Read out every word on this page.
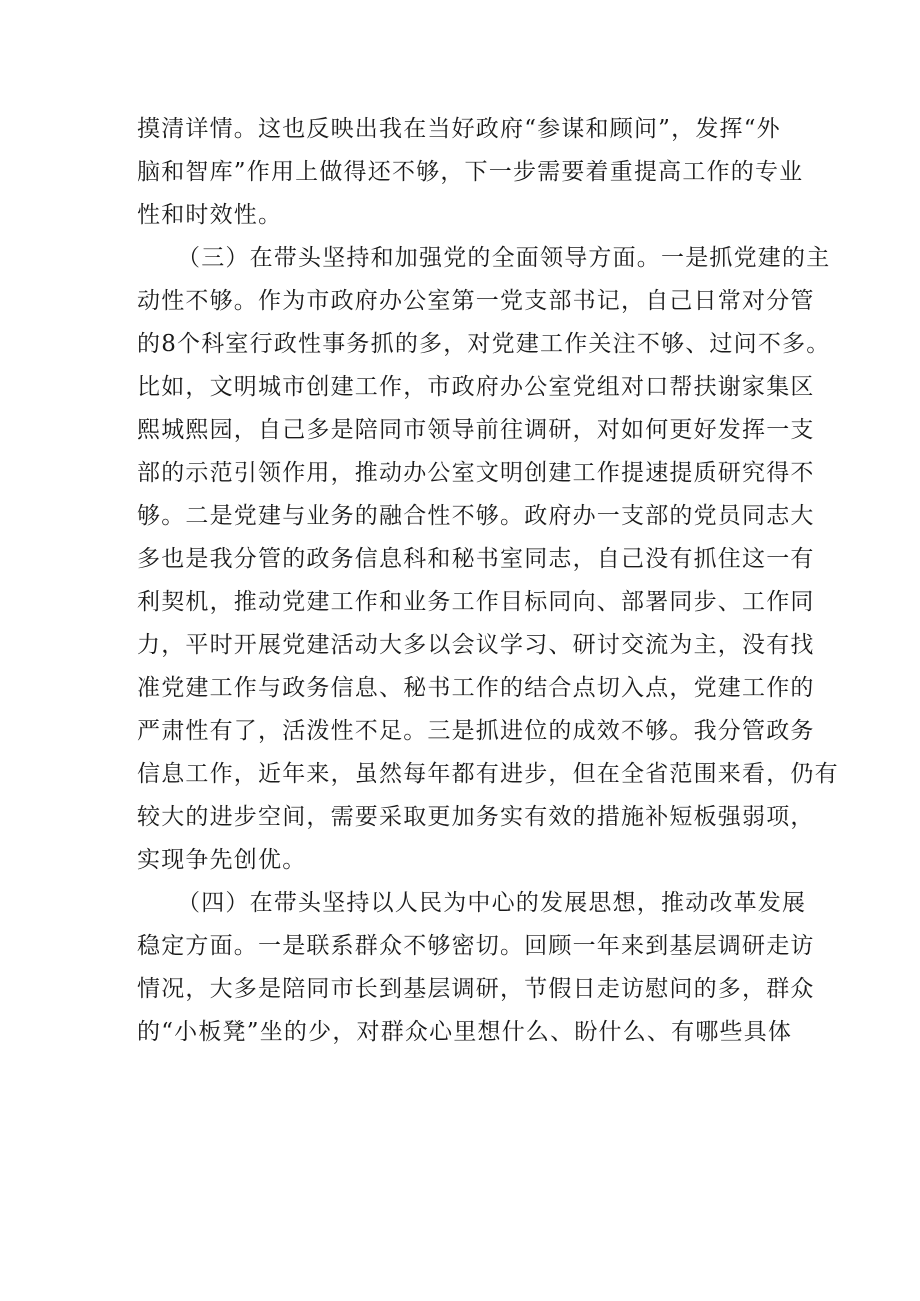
摸清详情。这也反映出我在当好政府“参谋和顾问”，发挥“外
脑和智库”作用上做得还不够，下一步需要着重提高工作的专业
性和时效性。
（三）在带头坚持和加强党的全面领导方面。一是抓党建的主
动性不够。作为市政府办公室第一党支部书记，自己日常对分管
的8个科室行政性事务抓的多，对党建工作关注不够、过问不多。
比如，文明城市创建工作，市政府办公室党组对口帮扶谢家集区
熙城熙园，自己多是陪同市领导前往调研，对如何更好发挥一支
部的示范引领作用，推动办公室文明创建工作提速提质研究得不
够。二是党建与业务的融合性不够。政府办一支部的党员同志大
多也是我分管的政务信息科和秘书室同志，自己没有抓住这一有
利契机，推动党建工作和业务工作目标同向、部署同步、工作同
力，平时开展党建活动大多以会议学习、研讨交流为主，没有找
准党建工作与政务信息、秘书工作的结合点切入点，党建工作的
严肃性有了，活泼性不足。三是抓进位的成效不够。我分管政务
信息工作，近年来，虽然每年都有进步，但在全省范围来看，仍有
较大的进步空间，需要采取更加务实有效的措施补短板强弱项，
实现争先创优。
（四）在带头坚持以人民为中心的发展思想，推动改革发展
稳定方面。一是联系群众不够密切。回顾一年来到基层调研走访
情况，大多是陪同市长到基层调研，节假日走访慰问的多，群众
的“小板凳”坐的少，对群众心里想什么、盼什么、有哪些具体
